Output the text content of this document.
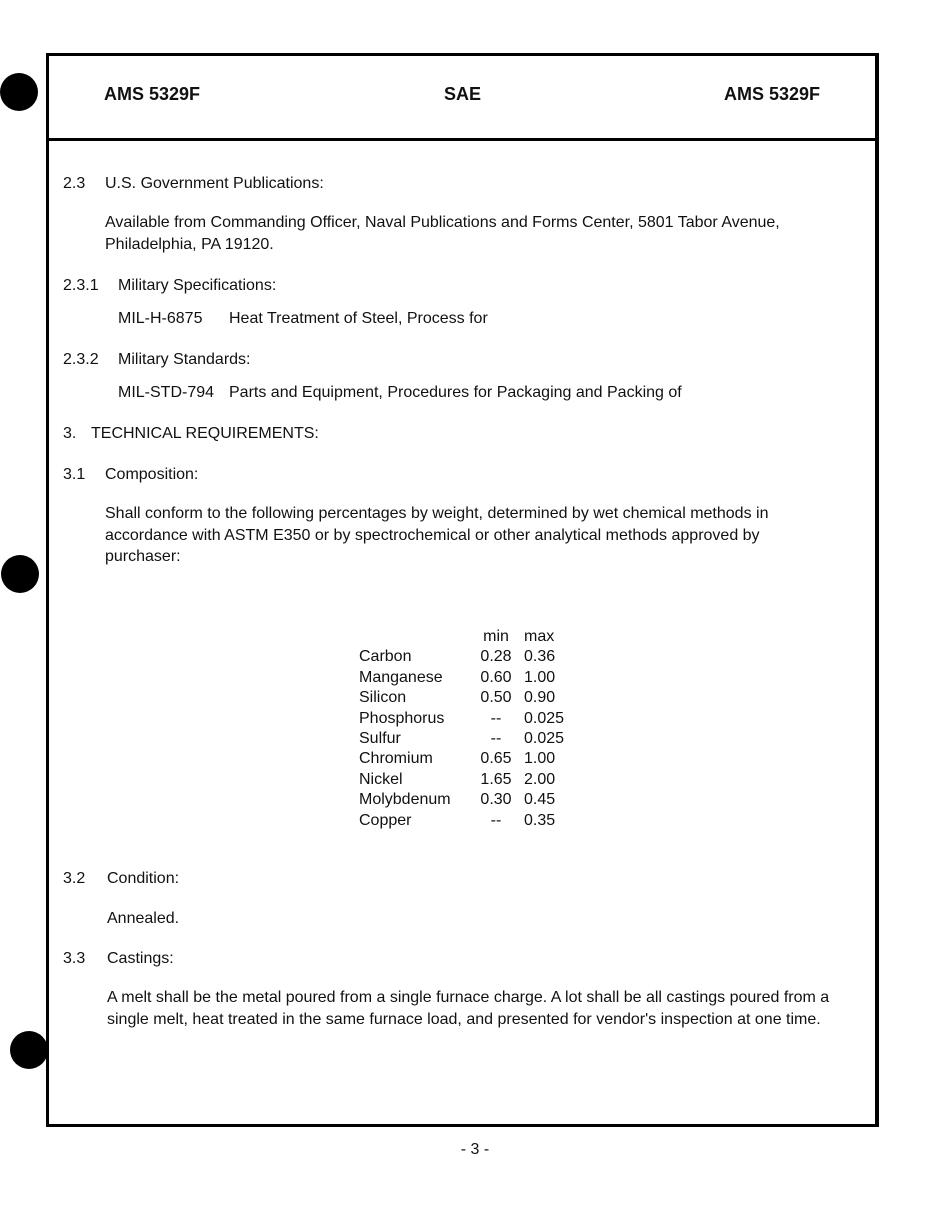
AMS 5329F	SAE	AMS 5329F
2.3 U.S. Government Publications:
Available from Commanding Officer, Naval Publications and Forms Center, 5801 Tabor Avenue, Philadelphia, PA 19120.
2.3.1 Military Specifications:
MIL-H-6875 Heat Treatment of Steel, Process for
2.3.2 Military Standards:
MIL-STD-794 Parts and Equipment, Procedures for Packaging and Packing of
3. TECHNICAL REQUIREMENTS:
3.1 Composition:
Shall conform to the following percentages by weight, determined by wet chemical methods in accordance with ASTM E350 or by spectrochemical or other analytical methods approved by purchaser:
	min	max
Carbon	0.28	0.36
Manganese	0.60	1.00
Silicon	0.50	0.90
Phosphorus	--	0.025
Sulfur	--	0.025
Chromium	0.65	1.00
Nickel	1.65	2.00
Molybdenum	0.30	0.45
Copper	--	0.35
3.2 Condition:
Annealed.
3.3 Castings:
A melt shall be the metal poured from a single furnace charge. A lot shall be all castings poured from a single melt, heat treated in the same furnace load, and presented for vendor's inspection at one time.
- 3 -
